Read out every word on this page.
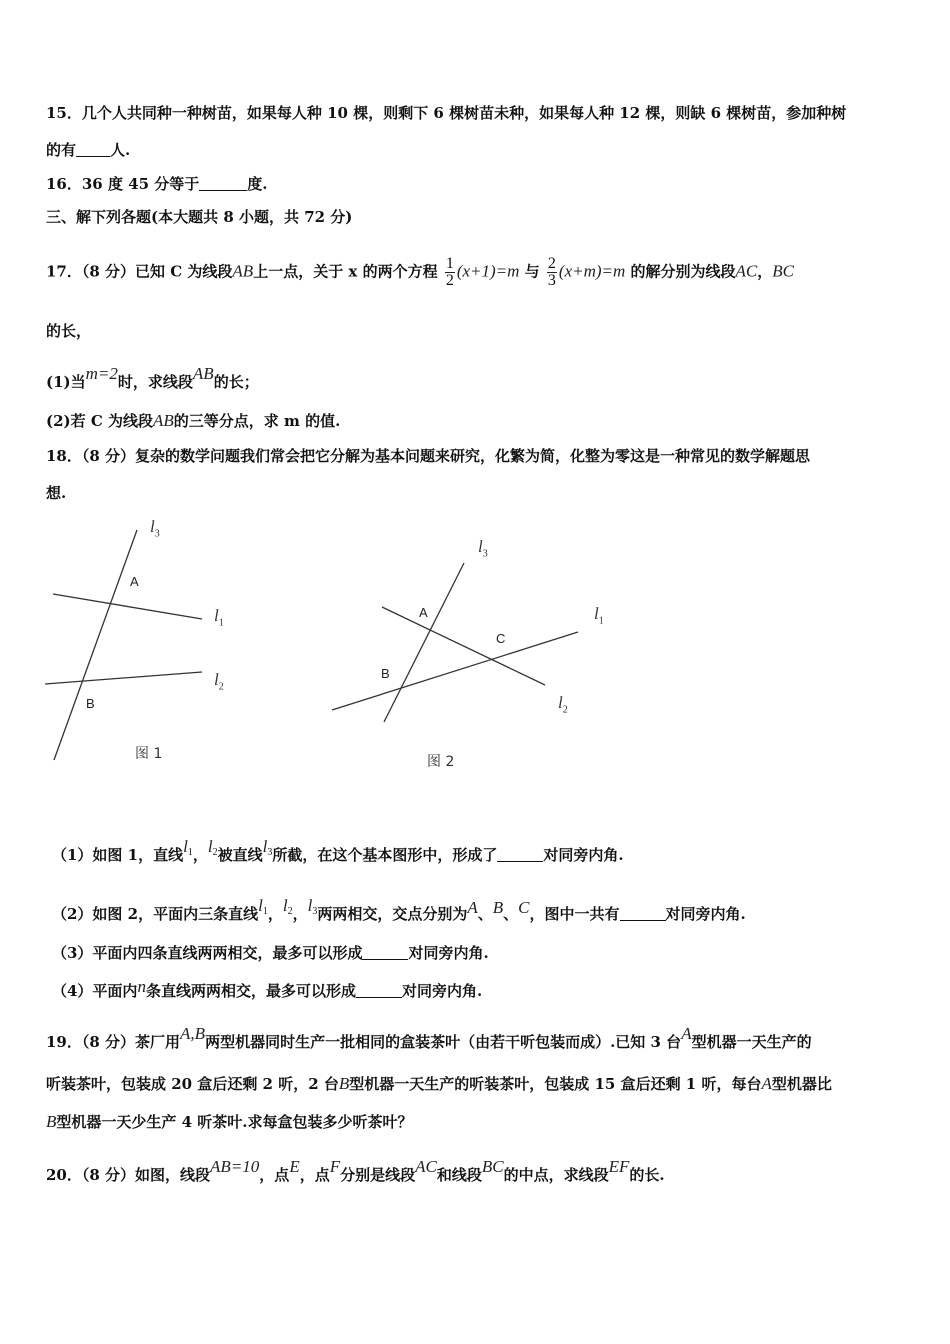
15．几个人共同种一种树苗，如果每人种 10 棵，则剩下 6 棵树苗未种，如果每人种 12 棵，则缺 6 棵树苗，参加种树
的有 人.
16．36 度 45 分等于	度.
三、解下列各题(本大题共 8 小题，共 72 分)
17．（8 分）已知 C 为线段AB上一点，关于 x 的两个方程 $\frac{1}{2} (x+1)=m$ 与 $\frac{2}{3} (x+m)=m$ 的解分别为线段AC，BC
的长，
(1)当m=2时，求线段AB的长；
(2)若 C 为线段AB的三等分点，求 m 的值.
18．（8 分）复杂的数学问题我们常会把它分解为基本问题来研究，化繁为简，化整为零这是一种常见的数学解题思
想.
$l_3$
$l_1$
$l_2$
A
B
图 1
$l_3$
$l_1$
$l_2$
A
C
B
图 2
（1）如图 1，直线$l_1$，$l_2$被直线$l_3$所截，在这个基本图形中，形成了	对同旁内角.
（2）如图 2，平面内三条直线$l_1$，$l_2$，$l_3$两两相交，交点分别为A、B、C，图中一共有	对同旁内角.
（3）平面内四条直线两两相交，最多可以形成	对同旁内角.
（4）平面内n条直线两两相交，最多可以形成	对同旁内角.
19．（8 分）茶厂用A,B两型机器同时生产一批相同的盒装茶叶（由若干听包装而成）.已知 3 台A型机器一天生产的
听装茶叶，包装成 20 盒后还剩 2 听，2 台B型机器一天生产的听装茶叶，包装成 15 盒后还剩 1 听，每台A型机器比
B型机器一天少生产 4 听茶叶.求每盒包装多少听茶叶？
20．（8 分）如图，线段AB=10，点E，点F分别是线段AC和线段BC的中点，求线段EF的长.
